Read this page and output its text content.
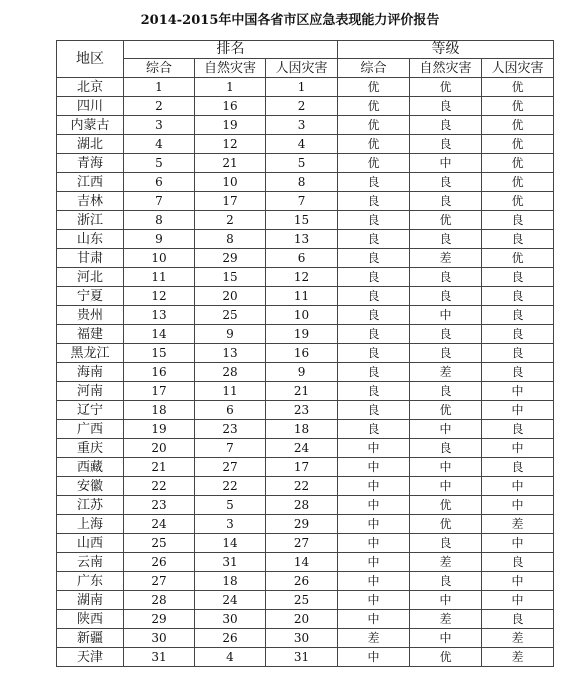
2014-2015年中国各省市区应急表现能力评价报告
地区	排名			等级		
	综合	自然灾害	人因灾害	综合	自然灾害	人因灾害
北京	1	1	1	优	优	优
四川	2	16	2	优	良	优
内蒙古	3	19	3	优	良	优
湖北	4	12	4	优	良	优
青海	5	21	5	优	中	优
江西	6	10	8	良	良	优
吉林	7	17	7	良	良	优
浙江	8	2	15	良	优	良
山东	9	8	13	良	良	良
甘肃	10	29	6	良	差	优
河北	11	15	12	良	良	良
宁夏	12	20	11	良	良	良
贵州	13	25	10	良	中	良
福建	14	9	19	良	良	良
黑龙江	15	13	16	良	良	良
海南	16	28	9	良	差	良
河南	17	11	21	良	良	中
辽宁	18	6	23	良	优	中
广西	19	23	18	良	中	良
重庆	20	7	24	中	良	中
西藏	21	27	17	中	中	良
安徽	22	22	22	中	中	中
江苏	23	5	28	中	优	中
上海	24	3	29	中	优	差
山西	25	14	27	中	良	中
云南	26	31	14	中	差	良
广东	27	18	26	中	良	中
湖南	28	24	25	中	中	中
陕西	29	30	20	中	差	良
新疆	30	26	30	差	中	差
天津	31	4	31	中	优	差
